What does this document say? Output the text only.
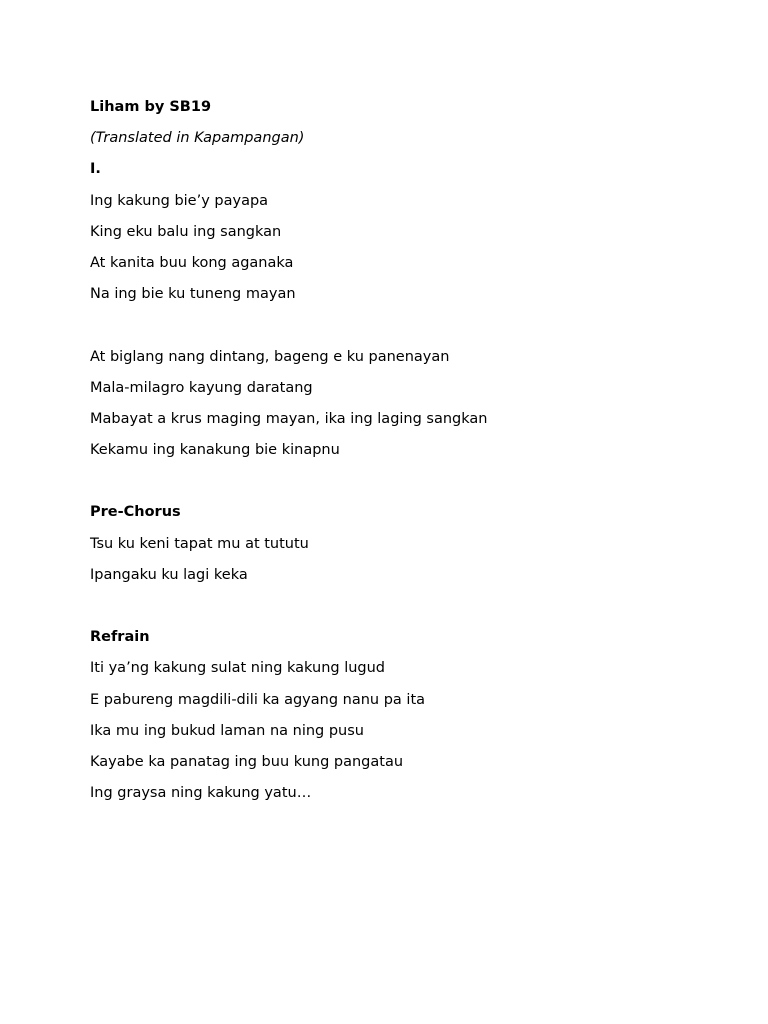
Liham by SB19
(Translated in Kapampangan)
I.
Ing kakung bie’y payapa
King eku balu ing sangkan
At kanita buu kong aganaka
Na ing bie ku tuneng mayan
At biglang nang dintang, bageng e ku panenayan
Mala-milagro kayung daratang
Mabayat a krus maging mayan, ika ing laging sangkan
Kekamu ing kanakung bie kinapnu
Pre-Chorus
Tsu ku keni tapat mu at tututu
Ipangaku ku lagi keka
Refrain
Iti ya’ng kakung sulat ning kakung lugud
E pabureng magdili-dili ka agyang nanu pa ita
Ika mu ing bukud laman na ning pusu
Kayabe ka panatag ing buu kung pangatau
Ing graysa ning kakung yatu…
